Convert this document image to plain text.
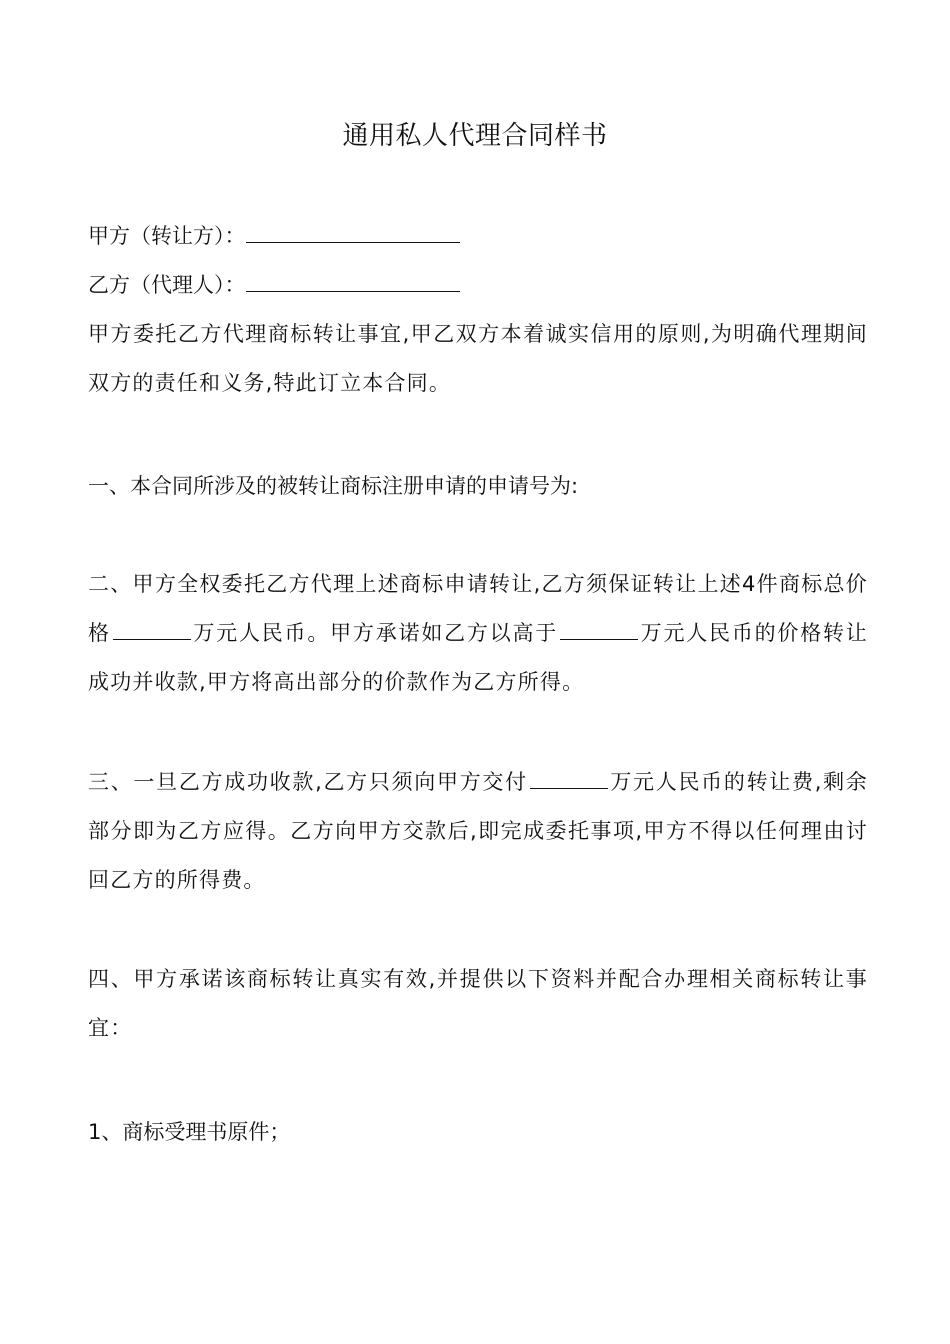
通用私人代理合同样书
甲方（转让方）：
乙方（代理人）：
甲方委托乙方代理商标转让事宜,甲乙双方本着诚实信用的原则,为明确代理期间双方的责任和义务,特此订立本合同。
一、本合同所涉及的被转让商标注册申请的申请号为:
二、甲方全权委托乙方代理上述商标申请转让,乙方须保证转让上述4件商标总价格	万元人民币。甲方承诺如乙方以高于	万元人民币的价格转让成功并收款,甲方将高出部分的价款作为乙方所得。
三、一旦乙方成功收款,乙方只须向甲方交付	万元人民币的转让费,剩余部分即为乙方应得。乙方向甲方交款后,即完成委托事项,甲方不得以任何理由讨回乙方的所得费。
四、甲方承诺该商标转让真实有效,并提供以下资料并配合办理相关商标转让事宜：
1、商标受理书原件；
